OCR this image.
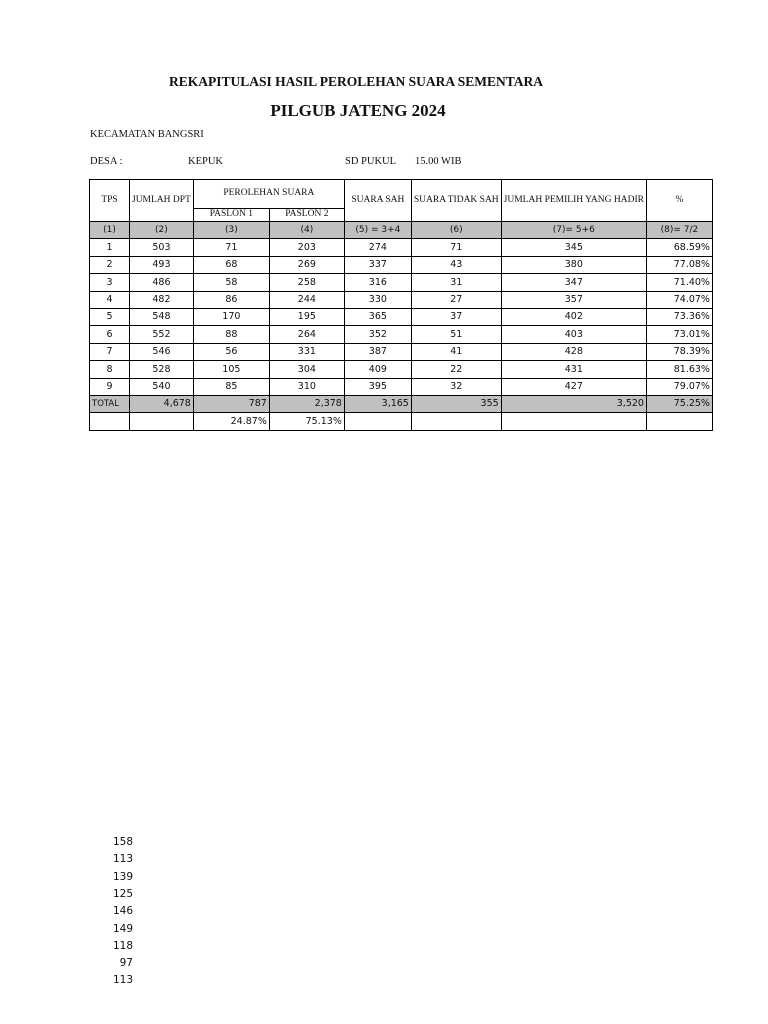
REKAPITULASI HASIL PEROLEHAN SUARA SEMENTARA
PILGUB JATENG 2024
KECAMATAN BANGSRI
DESA :	KEPUK	SD PUKUL 15.00 WIB
TPS	JUMLAH DPT	PEROLEHAN SUARA		SUARA SAH	SUARA TIDAK SAH	JUMLAH PEMILIH YANG HADIR	%
		PASLON 1	PASLON 2				
(1)	(2)	(3)	(4)	(5) = 3+4	(6)	(7)= 5+6	(8)= 7/2
1	503	71	203	274	71	345	68.59%
2	493	68	269	337	43	380	77.08%
3	486	58	258	316	31	347	71.40%
4	482	86	244	330	27	357	74.07%
5	548	170	195	365	37	402	73.36%
6	552	88	264	352	51	403	73.01%
7	546	56	331	387	41	428	78.39%
8	528	105	304	409	22	431	81.63%
9	540	85	310	395	32	427	79.07%
TOTAL	4,678	787	2,378	3,165	355	3,520	75.25%
		24.87%	75.13%				
158
113
139
125
146
149
118
97
113
